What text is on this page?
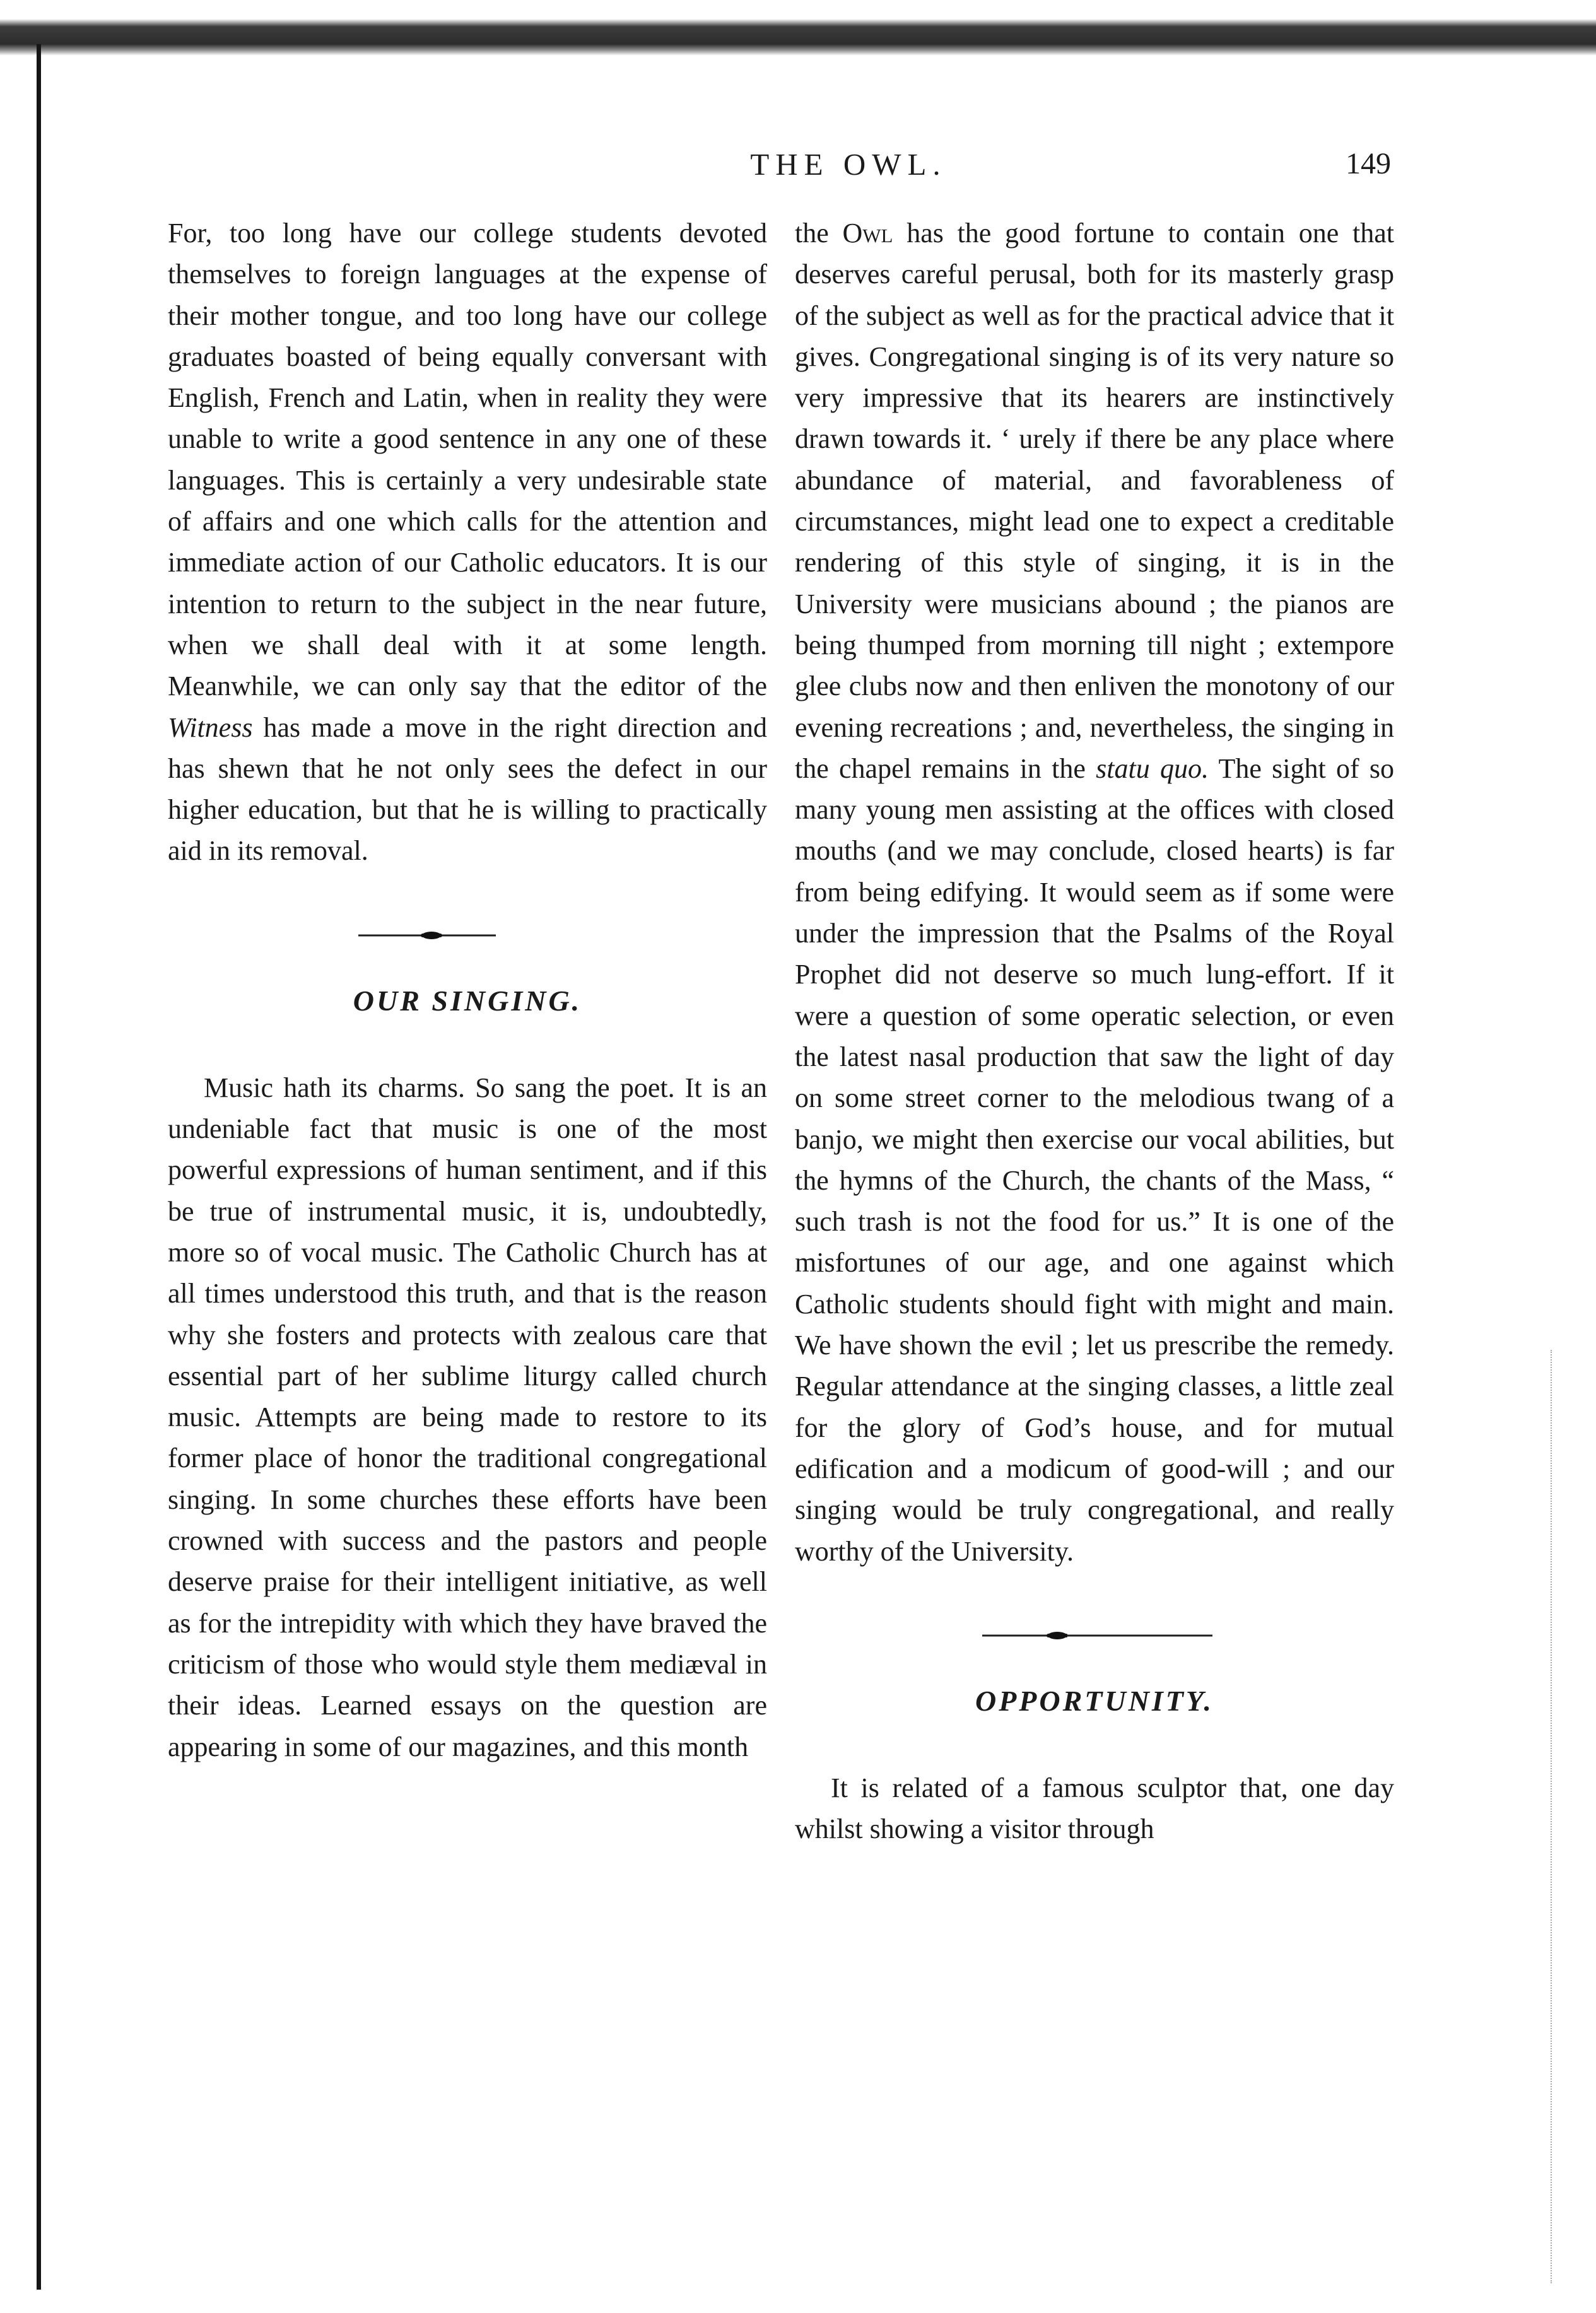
THE OWL.	149

For, too long have our college students devoted themselves to foreign languages at the expense of their mother tongue, and too long have our college graduates boasted of being equally conversant with English, French and Latin, when in reality they were unable to write a good sentence in any one of these languages. This is certainly a very undesirable state of affairs and one which calls for the attention and immediate action of our Catholic educators. It is our intention to return to the subject in the near future, when we shall deal with it at some length. Meanwhile, we can only say that the editor of the Witness has made a move in the right direction and has shewn that he not only sees the defect in our higher education, but that he is willing to practically aid in its removal.

OUR SINGING.

Music hath its charms. So sang the poet. It is an undeniable fact that music is one of the most powerful expressions of human sentiment, and if this be true of instrumental music, it is, undoubtedly, more so of vocal music. The Catholic Church has at all times understood this truth, and that is the reason why she fosters and protects with zealous care that essential part of her sublime liturgy called church music. Attempts are being made to restore to its former place of honor the traditional congregational singing. In some churches these efforts have been crowned with success and the pastors and people deserve praise for their intelligent initiative, as well as for the intrepidity with which they have braved the criticism of those who would style them mediæval in their ideas. Learned essays on the question are appearing in some of our magazines, and this month

the Owl has the good fortune to contain one that deserves careful perusal, both for its masterly grasp of the subject as well as for the practical advice that it gives. Congregational singing is of its very nature so very impressive that its hearers are instinctively drawn towards it. ‘ urely if there be any place where abundance of material, and favorableness of circumstances, might lead one to expect a creditable rendering of this style of singing, it is in the University were musicians abound ; the pianos are being thumped from morning till night ; extempore glee clubs now and then enliven the monotony of our evening recreations ; and, nevertheless, the singing in the chapel remains in the statu quo. The sight of so many young men assisting at the offices with closed mouths (and we may conclude, closed hearts) is far from being edifying. It would seem as if some were under the impression that the Psalms of the Royal Prophet did not deserve so much lung-effort. If it were a question of some operatic selection, or even the latest nasal production that saw the light of day on some street corner to the melodious twang of a banjo, we might then exercise our vocal abilities, but the hymns of the Church, the chants of the Mass, “ such trash is not the food for us.” It is one of the misfortunes of our age, and one against which Catholic students should fight with might and main. We have shown the evil ; let us prescribe the remedy. Regular attendance at the singing classes, a little zeal for the glory of God’s house, and for mutual edification and a modicum of good-will ; and our singing would be truly congregational, and really worthy of the University.

OPPORTUNITY.

It is related of a famous sculptor that, one day whilst showing a visitor through
